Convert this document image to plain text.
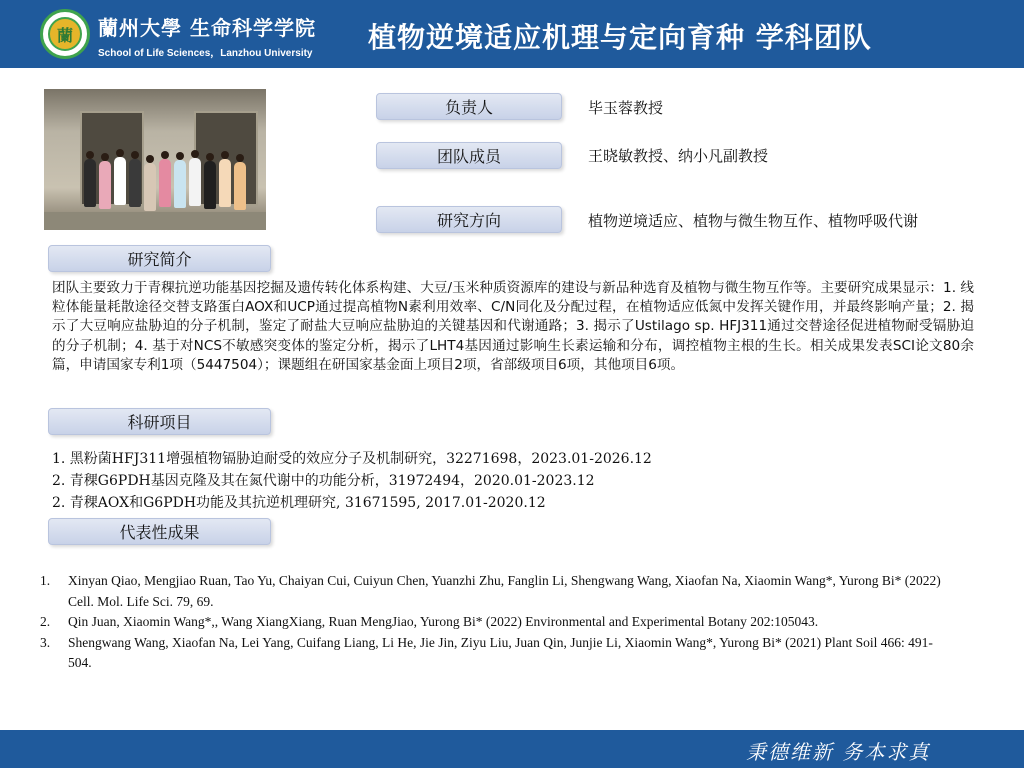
蘭	蘭州大學 生命科学学院
School of Life Sciences，Lanzhou University 植物逆境适应机理与定向育种 学科团队
负责人	毕玉蓉教授
团队成员	王晓敏教授、纳小凡副教授
研究方向	植物逆境适应、植物与微生物互作、植物呼吸代谢
研究简介
团队主要致力于青稞抗逆功能基因挖掘及遗传转化体系构建、大豆/玉米种质资源库的建设与新品种选育及植物与微生物互作等。主要研究成果显示：1. 线粒体能量耗散途径交替支路蛋白AOX和UCP通过提高植物N素利用效率、C/N同化及分配过程，在植物适应低氮中发挥关键作用，并最终影响产量；2. 揭示了大豆响应盐胁迫的分子机制，鉴定了耐盐大豆响应盐胁迫的关键基因和代谢通路；3. 揭示了Ustilago sp. HFJ311通过交替途径促进植物耐受镉胁迫的分子机制；4. 基于对NCS不敏感突变体的鉴定分析，揭示了LHT4基因通过影响生长素运输和分布，调控植物主根的生长。相关成果发表SCI论文80余篇，申请国家专利1项（5447504）；课题组在研国家基金面上项目2项，省部级项目6项，其他项目6项。
科研项目
1. 黑粉菌HFJ311增强植物镉胁迫耐受的效应分子及机制研究，32271698，2023.01-2026.12
2. 青稞G6PDH基因克隆及其在氮代谢中的功能分析，31972494，2020.01-2023.12
2. 青稞AOX和G6PDH功能及其抗逆机理研究, 31671595, 2017.01-2020.12
代表性成果
1.	Xinyan Qiao, Mengjiao Ruan, Tao Yu, Chaiyan Cui, Cuiyun Chen, Yuanzhi Zhu, Fanglin Li, Shengwang Wang, Xiaofan Na, Xiaomin Wang*, Yurong Bi* (2022) Cell. Mol. Life Sci. 79, 69.
2.	Qin Juan, Xiaomin Wang*,, Wang XiangXiang, Ruan MengJiao, Yurong Bi* (2022) Environmental and Experimental Botany 202:105043.
3.	Shengwang Wang, Xiaofan Na, Lei Yang, Cuifang Liang, Li He, Jie Jin, Ziyu Liu, Juan Qin, Junjie Li, Xiaomin Wang*, Yurong Bi* (2021) Plant Soil 466: 491-504.
秉德维新 务本求真
